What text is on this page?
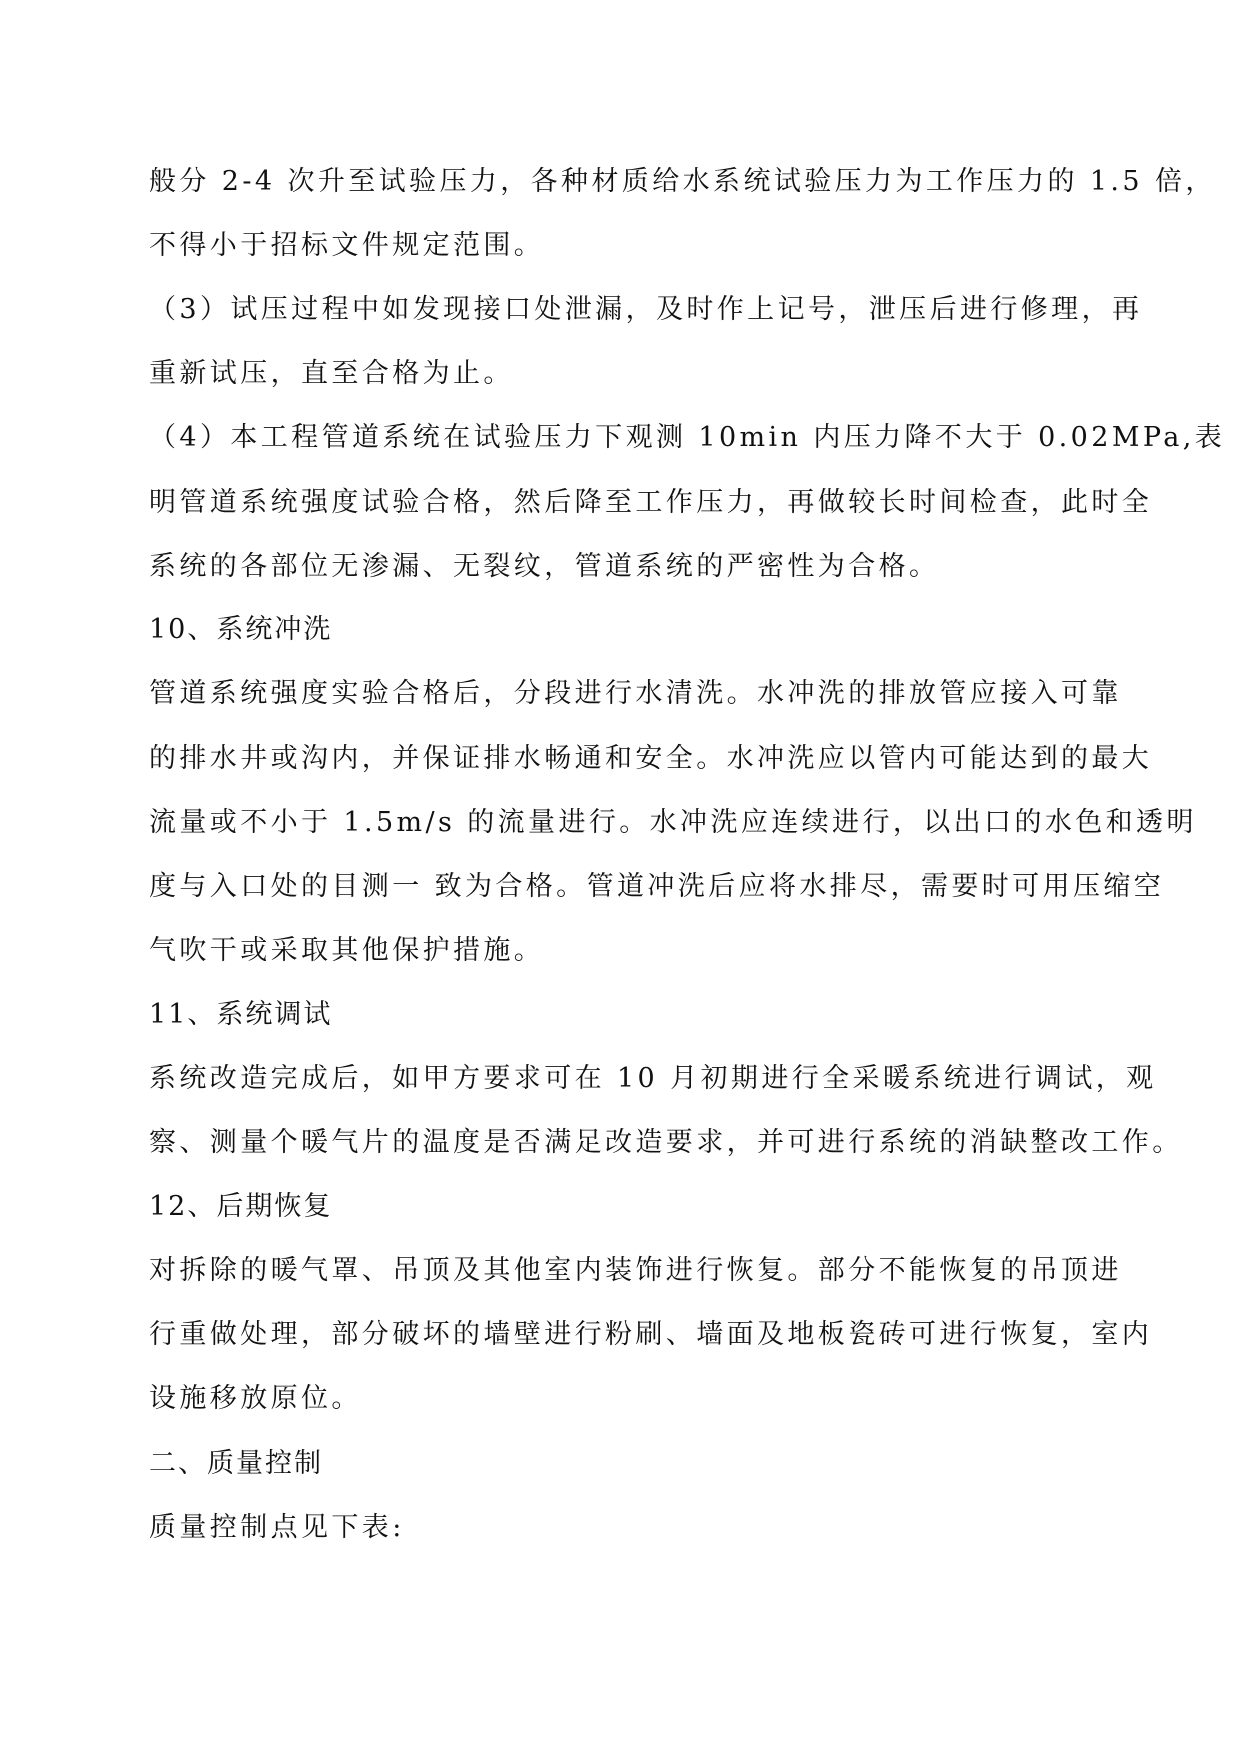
般分 2-4 次升至试验压力，各种材质给水系统试验压力为工作压力的 1.5 倍，
不得小于招标文件规定范围。
（3）试压过程中如发现接口处泄漏，及时作上记号，泄压后进行修理，再
重新试压，直至合格为止。
（4）本工程管道系统在试验压力下观测 10min 内压力降不大于 0.02MPa,表
明管道系统强度试验合格，然后降至工作压力，再做较长时间检查，此时全
系统的各部位无渗漏、无裂纹，管道系统的严密性为合格。
10、系统冲洗
管道系统强度实验合格后，分段进行水清洗。水冲洗的排放管应接入可靠
的排水井或沟内，并保证排水畅通和安全。水冲洗应以管内可能达到的最大
流量或不小于 1.5m/s 的流量进行。水冲洗应连续进行，以出口的水色和透明
度与入口处的目测一 致为合格。管道冲洗后应将水排尽，需要时可用压缩空
气吹干或采取其他保护措施。
11、系统调试
系统改造完成后，如甲方要求可在 10 月初期进行全采暖系统进行调试，观
察、测量个暖气片的温度是否满足改造要求，并可进行系统的消缺整改工作。
12、后期恢复
对拆除的暖气罩、吊顶及其他室内装饰进行恢复。部分不能恢复的吊顶进
行重做处理，部分破坏的墙壁进行粉刷、墙面及地板瓷砖可进行恢复，室内
设施移放原位。
二、质量控制
质量控制点见下表:
